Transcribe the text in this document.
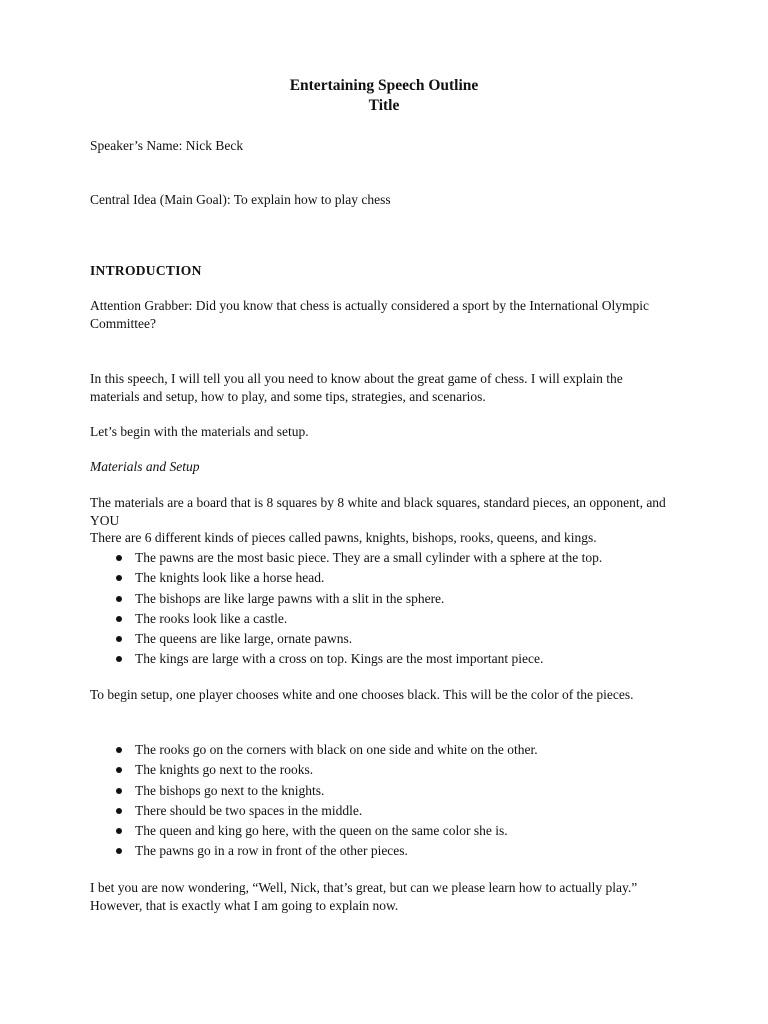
Entertaining Speech Outline
Title
Speaker’s Name: Nick Beck
Central Idea (Main Goal): To explain how to play chess
INTRODUCTION
Attention Grabber: Did you know that chess is actually considered a sport by the International Olympic Committee?
In this speech, I will tell you all you need to know about the great game of chess. I will explain the materials and setup, how to play, and some tips, strategies, and scenarios.
Let’s begin with the materials and setup.
Materials and Setup
The materials are a board that is 8 squares by 8 white and black squares, standard pieces, an opponent, and YOU
There are 6 different kinds of pieces called pawns, knights, bishops, rooks, queens, and kings.
The pawns are the most basic piece. They are a small cylinder with a sphere at the top.
The knights look like a horse head.
The bishops are like large pawns with a slit in the sphere.
The rooks look like a castle.
The queens are like large, ornate pawns.
The kings are large with a cross on top. Kings are the most important piece.
To begin setup, one player chooses white and one chooses black. This will be the color of the pieces.
The rooks go on the corners with black on one side and white on the other.
The knights go next to the rooks.
The bishops go next to the knights.
There should be two spaces in the middle.
The queen and king go here, with the queen on the same color she is.
The pawns go in a row in front of the other pieces.
I bet you are now wondering, “Well, Nick, that’s great, but can we please learn how to actually play.” However, that is exactly what I am going to explain now.
